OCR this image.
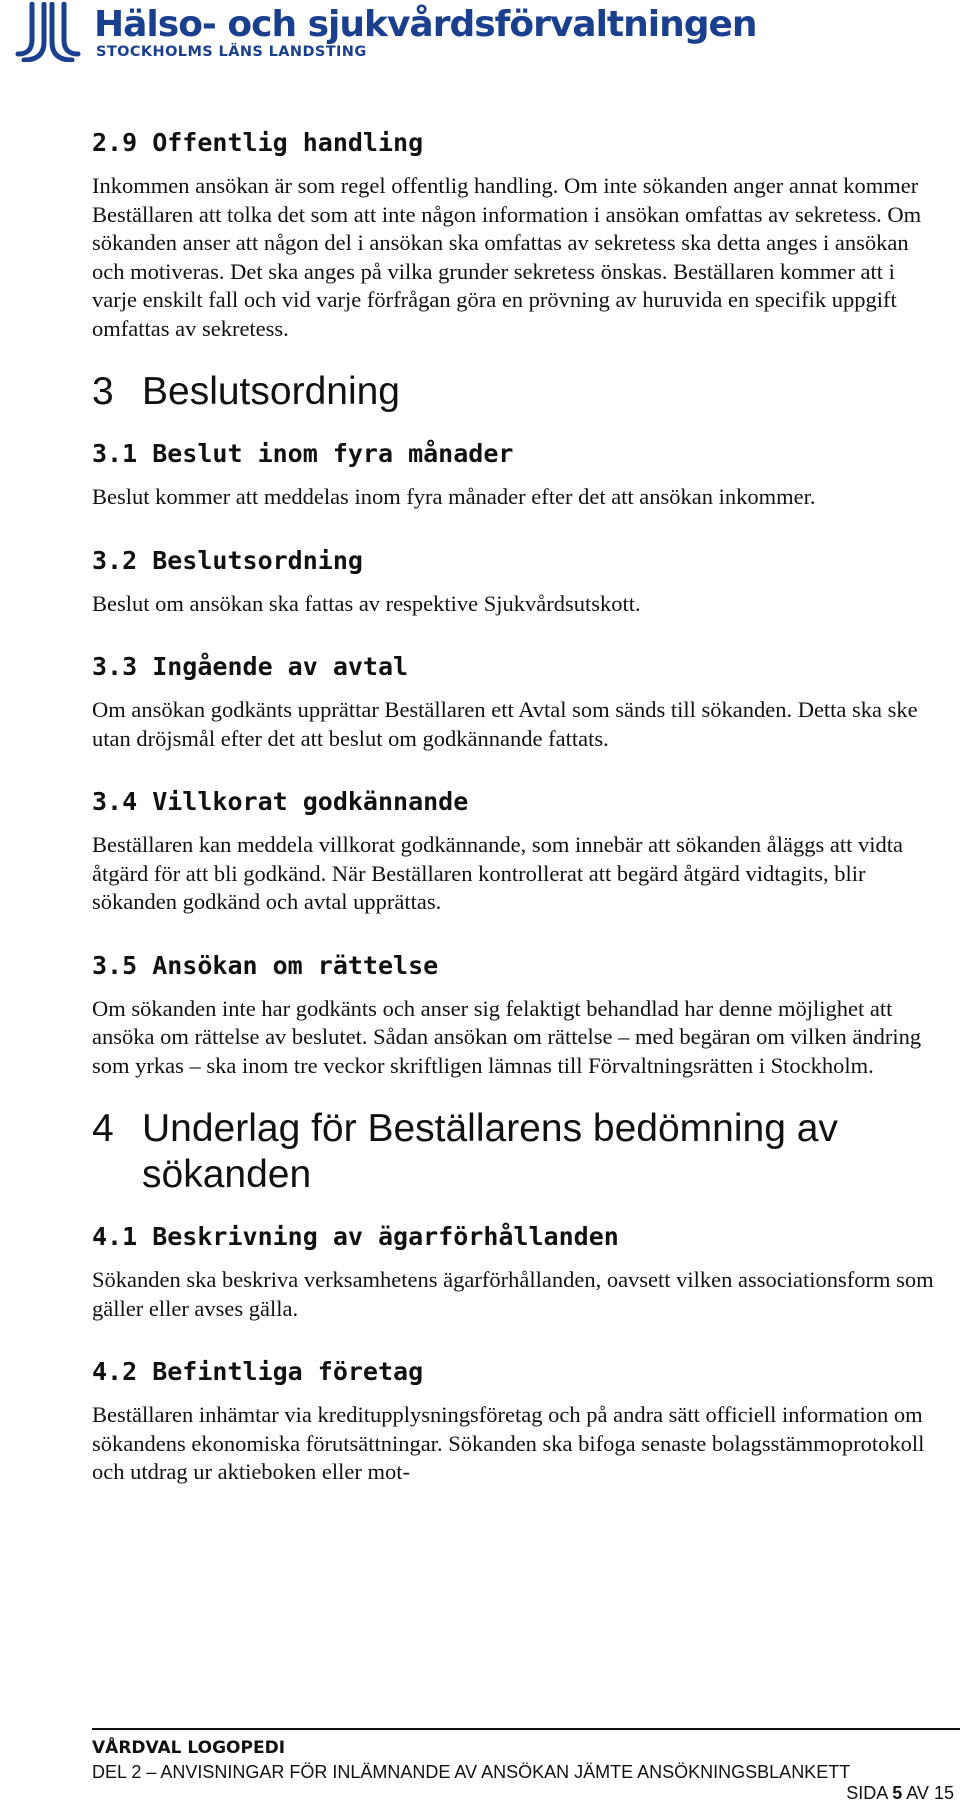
Hälso- och sjukvårdsförvaltningen
STOCKHOLMS LÄNS LANDSTING
2.9 Offentlig handling

Inkommen ansökan är som regel offentlig handling. Om inte sökanden anger annat kommer Beställaren att tolka det som att inte någon information i ansökan omfattas av sekretess. Om sökanden anser att någon del i ansökan ska omfattas av sekretess ska detta anges i ansökan och motiveras. Det ska anges på vilka grunder sekretess önskas. Beställaren kommer att i varje enskilt fall och vid varje förfrågan göra en prövning av huruvida en specifik uppgift omfattas av sekretess.

3 Beslutsordning
3.1 Beslut inom fyra månader

Beslut kommer att meddelas inom fyra månader efter det att ansökan inkommer.

3.2 Beslutsordning

Beslut om ansökan ska fattas av respektive Sjukvårdsutskott.

3.3 Ingående av avtal

Om ansökan godkänts upprättar Beställaren ett Avtal som sänds till sökanden. Detta ska ske utan dröjsmål efter det att beslut om godkännande fattats.

3.4 Villkorat godkännande

Beställaren kan meddela villkorat godkännande, som innebär att sökanden åläggs att vidta åtgärd för att bli godkänd. När Beställaren kontrollerat att begärd åtgärd vidtagits, blir sökanden godkänd och avtal upprättas.

3.5 Ansökan om rättelse

Om sökanden inte har godkänts och anser sig felaktigt behandlad har denne möjlighet att ansöka om rättelse av beslutet. Sådan ansökan om rättelse – med begäran om vilken ändring som yrkas – ska inom tre veckor skriftligen lämnas till Förvaltningsrätten i Stockholm.

4 Underlag för Beställarens bedömning av sökanden
4.1 Beskrivning av ägarförhållanden

Sökanden ska beskriva verksamhetens ägarförhållanden, oavsett vilken associationsform som gäller eller avses gälla.

4.2 Befintliga företag

Beställaren inhämtar via kreditupplysningsföretag och på andra sätt officiell information om sökandens ekonomiska förutsättningar. Sökanden ska bifoga senaste bolagsstämmoprotokoll och utdrag ur aktieboken eller mot-

VÅRDVAL LOGOPEDI
DEL 2 – ANVISNINGAR FÖR INLÄMNANDE AV ANSÖKAN JÄMTE ANSÖKNINGSBLANKETT
SIDA 5 AV 15
